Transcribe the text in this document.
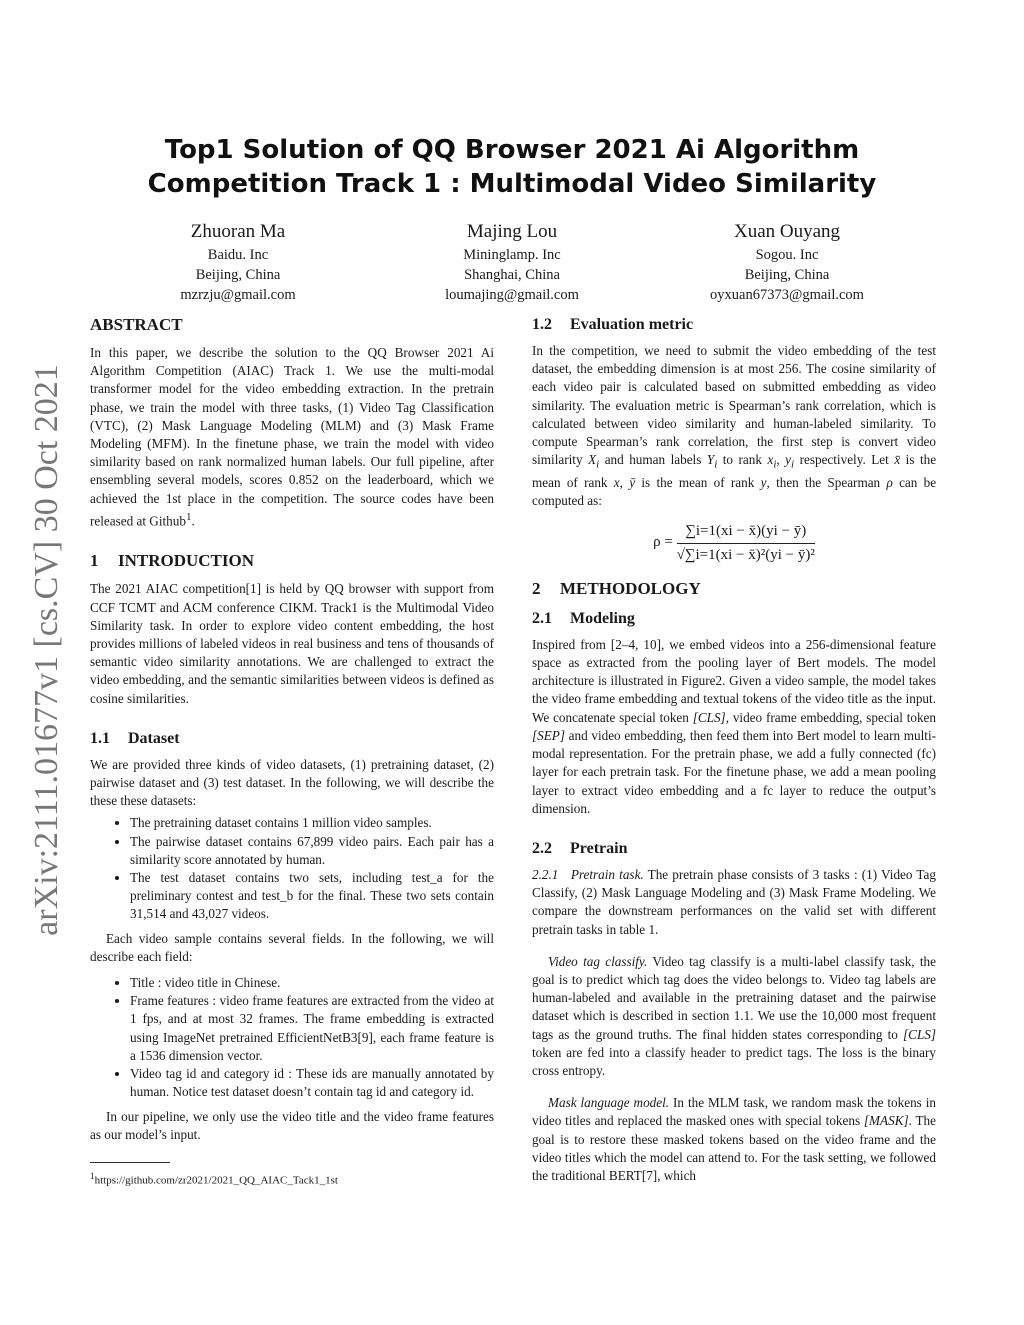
arXiv:2111.01677v1 [cs.CV] 30 Oct 2021
Top1 Solution of QQ Browser 2021 Ai Algorithm
Competition Track 1 : Multimodal Video Similarity
Zhuoran Ma
Baidu. Inc
Beijing, China
mzrzju@gmail.com
Majing Lou
Mininglamp. Inc
Shanghai, China
loumajing@gmail.com
Xuan Ouyang
Sogou. Inc
Beijing, China
oyxuan67373@gmail.com
ABSTRACT

In this paper, we describe the solution to the QQ Browser 2021 Ai Algorithm Competition (AIAC) Track 1. We use the multi-modal transformer model for the video embedding extraction. In the pretrain phase, we train the model with three tasks, (1) Video Tag Classification (VTC), (2) Mask Language Modeling (MLM) and (3) Mask Frame Modeling (MFM). In the finetune phase, we train the model with video similarity based on rank normalized human labels. Our full pipeline, after ensembling several models, scores 0.852 on the leaderboard, which we achieved the 1st place in the competition. The source codes have been released at Github$^1$.

1 INTRODUCTION

The 2021 AIAC competition[1] is held by QQ browser with support from CCF TCMT and ACM conference CIKM. Track1 is the Multimodal Video Similarity task. In order to explore video content embedding, the host provides millions of labeled videos in real business and tens of thousands of semantic video similarity annotations. We are challenged to extract the video embedding, and the semantic similarities between videos is defined as cosine similarities.

1.1 Dataset

We are provided three kinds of video datasets, (1) pretraining dataset, (2) pairwise dataset and (3) test dataset. In the following, we will describe the these these datasets:

• The pretraining dataset contains 1 million video samples.
• The pairwise dataset contains 67,899 video pairs. Each pair has a similarity score annotated by human.
• The test dataset contains two sets, including test_a for the preliminary contest and test_b for the final. These two sets contain 31,514 and 43,027 videos.

Each video sample contains several fields. In the following, we will describe each field:

• Title : video title in Chinese.
• Frame features : video frame features are extracted from the video at 1 fps, and at most 32 frames. The frame embedding is extracted using ImageNet pretrained EfficientNetB3[9], each frame feature is a 1536 dimension vector.
• Video tag id and category id : These ids are manually annotated by human. Notice test dataset doesn’t contain tag id and category id.

In our pipeline, we only use the video title and the video frame features as our model’s input.

$^1$https://github.com/zr2021/2021_QQ_AIAC_Tack1_1st
1.2 Evaluation metric

In the competition, we need to submit the video embedding of the test dataset, the embedding dimension is at most 256. The cosine similarity of each video pair is calculated based on submitted embedding as video similarity. The evaluation metric is Spearman’s rank correlation, which is calculated between video similarity and human-labeled similarity. To compute Spearman’s rank correlation, the first step is convert video similarity $X_i$ and human labels $Y_i$ to rank $x_i$, $y_i$ respectively. Let x̄ is the mean of rank x, ȳ is the mean of rank y, then the Spearman ρ can be computed as:

$\rho = \frac{\sum i=1(xi - x̄)(yi - ȳ)}{\text{√∑i=1(xi − x̄)²(yi − ȳ)²}}$
2 METHODOLOGY
2.1 Modeling

Inspired from [2–4, 10], we embed videos into a 256-dimensional feature space as extracted from the pooling layer of Bert models. The model architecture is illustrated in Figure2. Given a video sample, the model takes the video frame embedding and textual tokens of the video title as the input. We concatenate special token [CLS], video frame embedding, special token [SEP] and video embedding, then feed them into Bert model to learn multi-modal representation. For the pretrain phase, we add a fully connected (fc) layer for each pretrain task. For the finetune phase, we add a mean pooling layer to extract video embedding and a fc layer to reduce the output’s dimension.

2.2 Pretrain

2.2.1 Pretrain task. The pretrain phase consists of 3 tasks : (1) Video Tag Classify, (2) Mask Language Modeling and (3) Mask Frame Modeling. We compare the downstream performances on the valid set with different pretrain tasks in table 1.

Video tag classify. Video tag classify is a multi-label classify task, the goal is to predict which tag does the video belongs to. Video tag labels are human-labeled and available in the pretraining dataset and the pairwise dataset which is described in section 1.1. We use the 10,000 most frequent tags as the ground truths. The final hidden states corresponding to [CLS] token are fed into a classify header to predict tags. The loss is the binary cross entropy.

Mask language model. In the MLM task, we random mask the tokens in video titles and replaced the masked ones with special tokens [MASK]. The goal is to restore these masked tokens based on the video frame and the video titles which the model can attend to. For the task setting, we followed the traditional BERT[7], which
